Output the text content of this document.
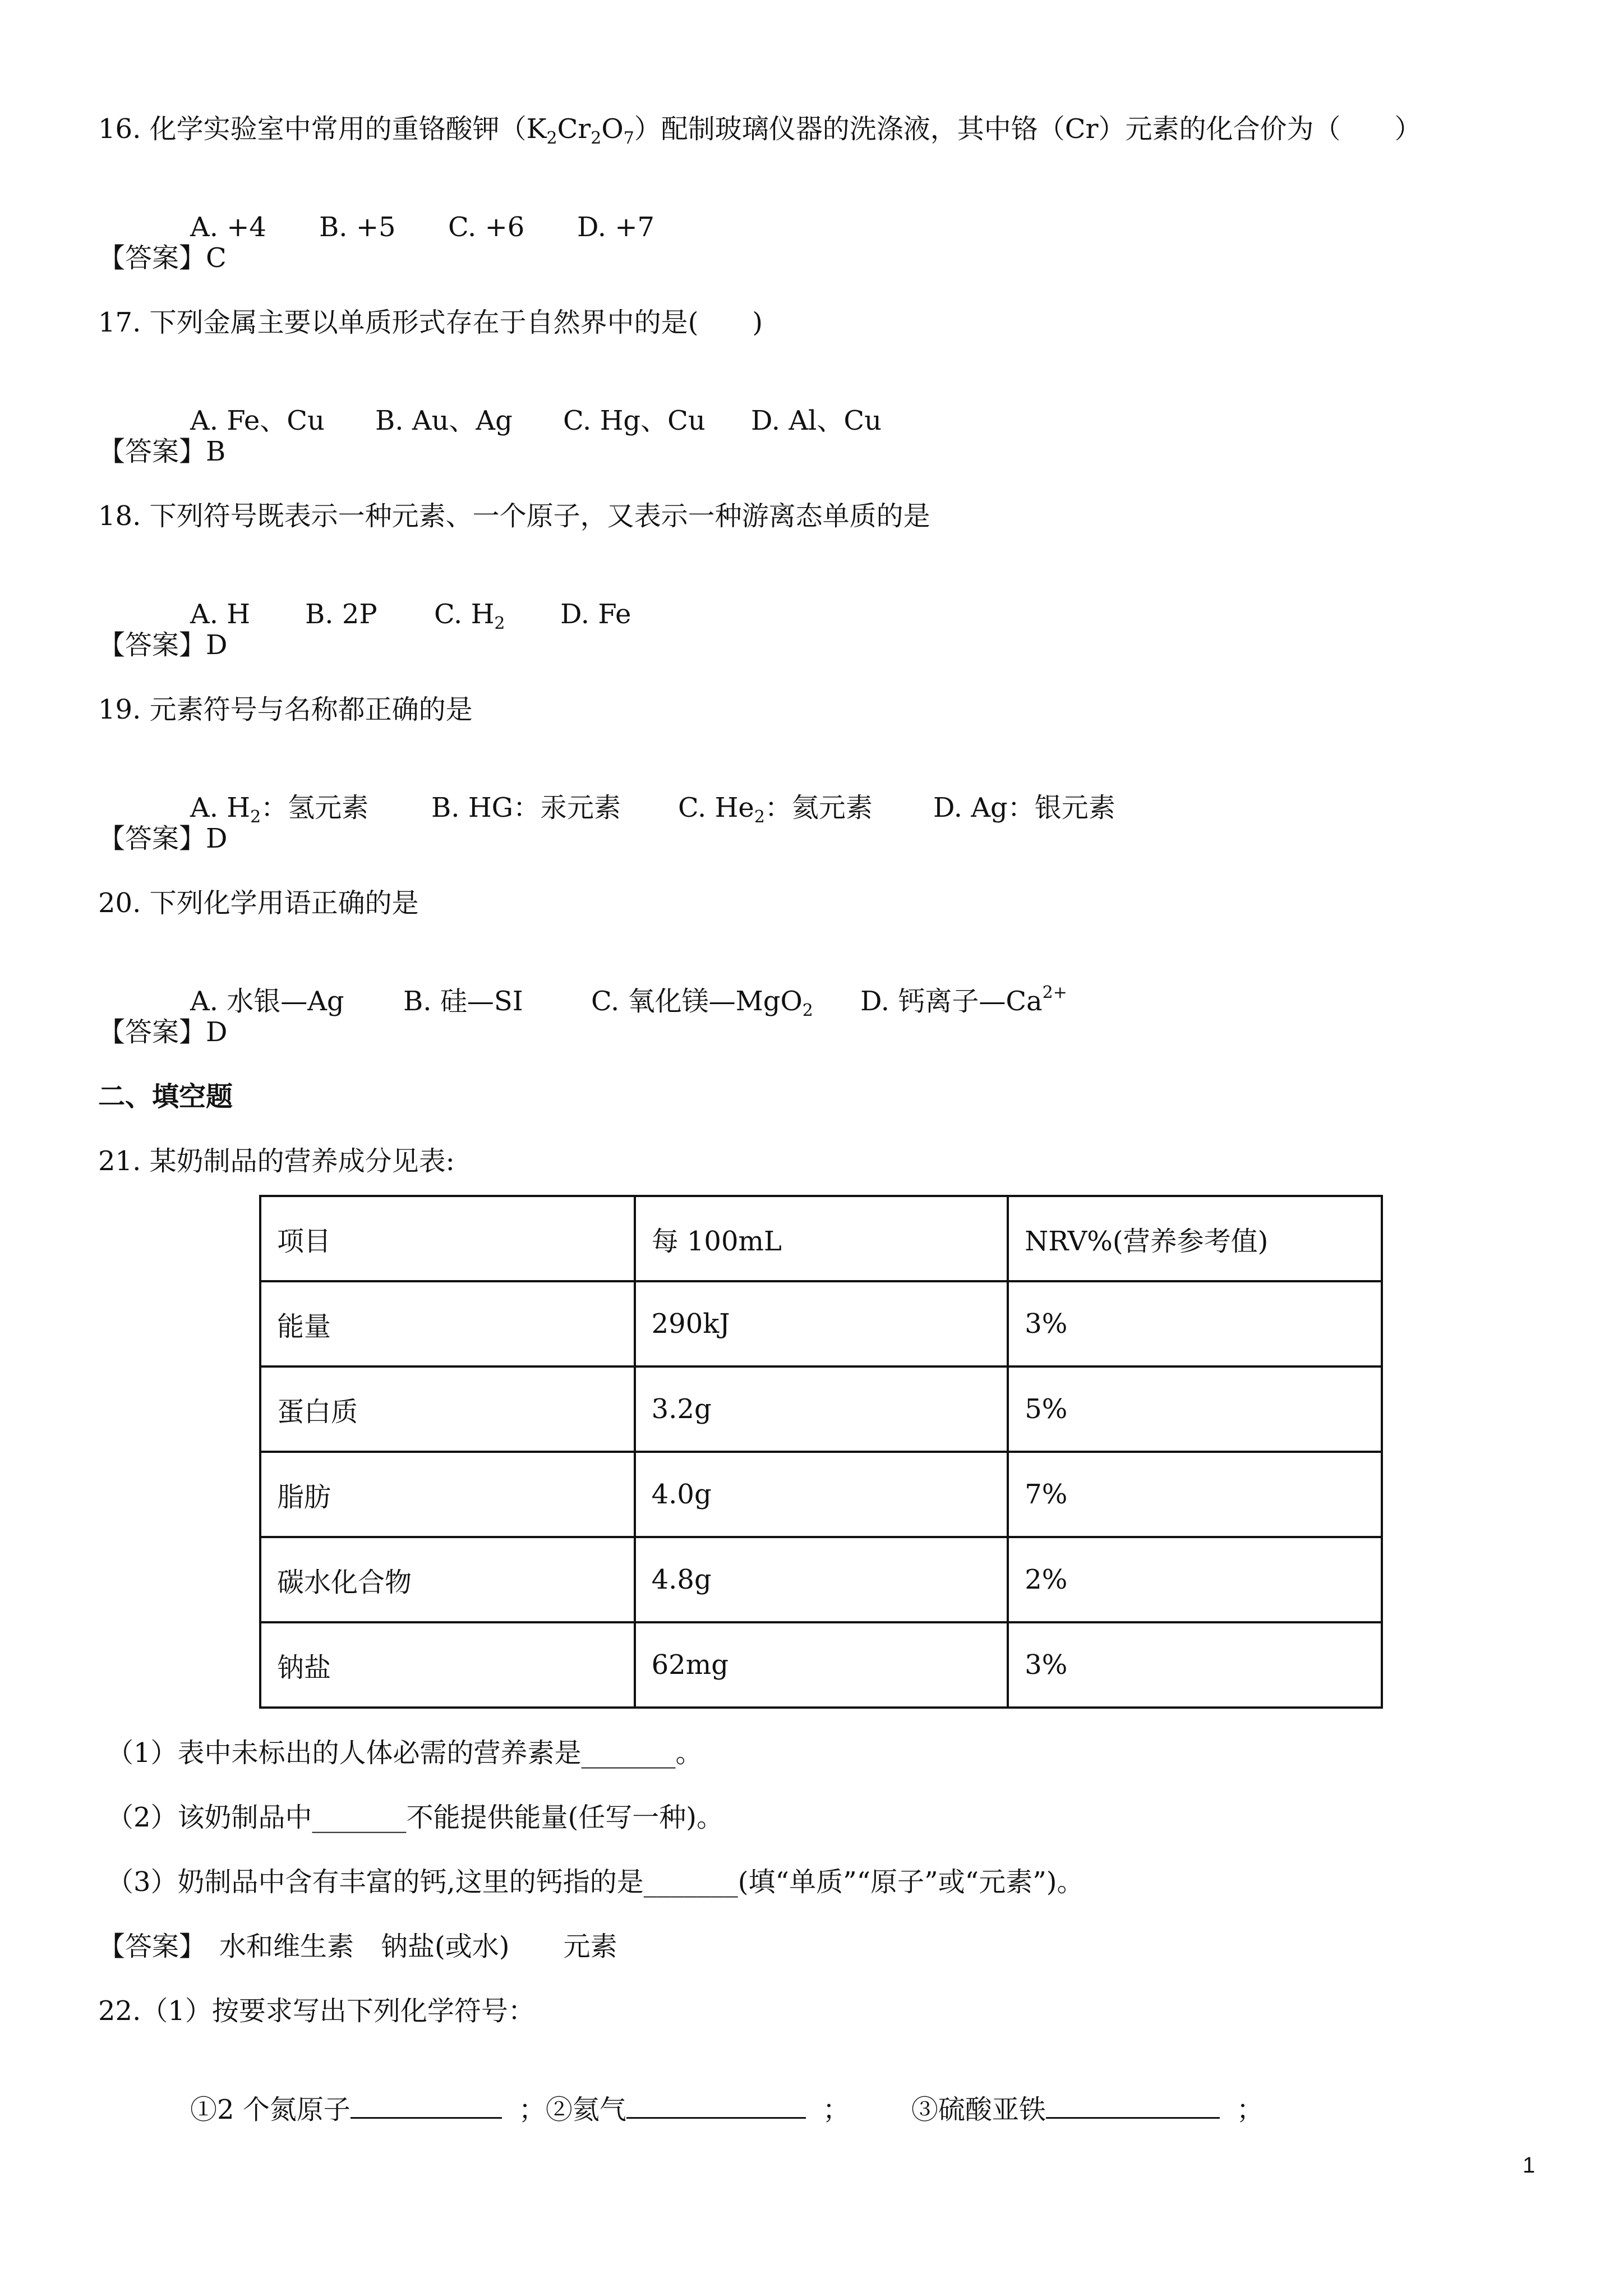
16. 化学实验室中常用的重铬酸钾$(K_2Cr_2O_7)$配制玻璃仪器的洗涤液，其中铬（Cr）元素的化合价为（　　）

A. +4 B. +5 C. +6 D. +7

【答案】C
17. 下列金属主要以单质形式存在于自然界中的是(　　)

A. Fe、Cu B. Au、Ag C. Hg、Cu D. Al、Cu

【答案】B
18. 下列符号既表示一种元素、一个原子，又表示一种游离态单质的是

A. H B. 2P C. $H_2$ D. Fe

【答案】D
19. 元素符号与名称都正确的是

A. $H_2$：氢元素 B. HG：汞元素 C. $He_2$：氦元素 D. Ag：银元素

【答案】D
20. 下列化学用语正确的是

A. 水银—Ag B. 硅—SI	C. 氧化镁—MgO$_2$ D. 钙离子$—Ca^{2+}$

【答案】D
二、填空题
21. 某奶制品的营养成分见表:
项目	每 100mL	NRV%(营养参考值)
能量	290kJ	3%
蛋白质	3.2g	5%
脂肪	4.0g	7%
碳水化合物	4.8g	2%
钠盐	62mg	3%
（1）表中未标出的人体必需的营养素是_______。
（2）该奶制品中_______不能提供能量(任写一种)。
（3）奶制品中含有丰富的钙,这里的钙指的是_______(填“单质”“原子”或“元素”)。
【答案】　水和维生素　钠盐(或水)　　元素
22.（1）按要求写出下列化学符号：

①2 个氮原子	；②氦气	； ③硫酸亚铁	；

1
